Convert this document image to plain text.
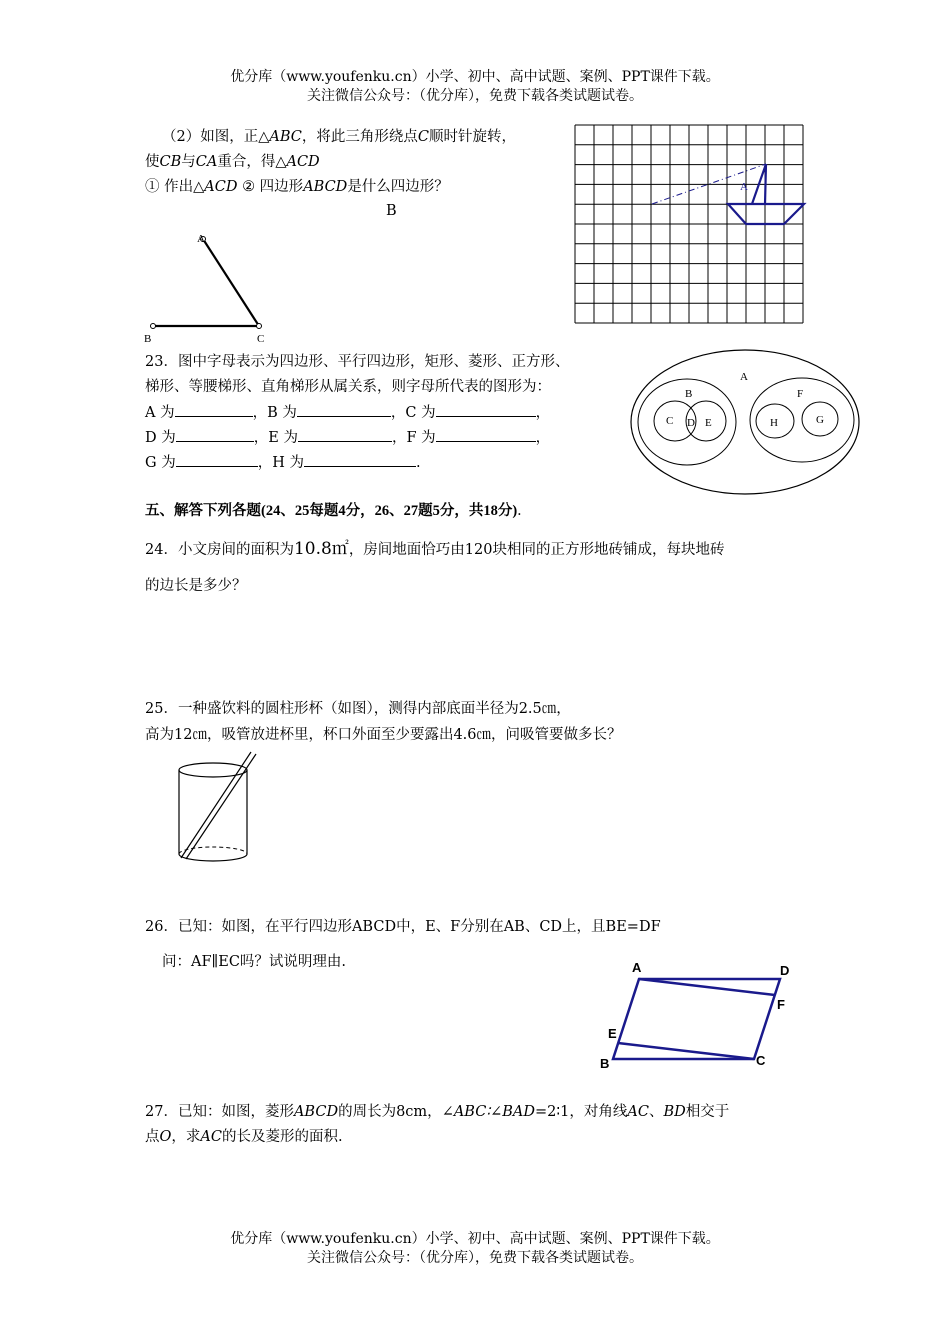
优分库（www.youfenku.cn）小学、初中、高中试题、案例、PPT课件下载。
关注微信公众号：（优分库），免费下载各类试题试卷。
（2）如图，正△ABC，将此三角形绕点C顺时针旋转，
使CB与CA重合，得△ACD
① 作出△ACD ② 四边形ABCD是什么四边形？
B
A
B	C
A
23．图中字母表示为四边形、平行四边形，矩形、菱形、正方形、
梯形、等腰梯形、直角梯形从属关系，则字母所代表的图形为：
A 为	，B 为	，C 为	，
D 为	，E 为	，F 为	，
G 为	，H 为	.
A
B
C D E
F
H	G
五、解答下列各题(24、25每题4分，26、27题5分，共18分)．
24．小文房间的面积为10.8㎡，房间地面恰巧由120块相同的正方形地砖铺成，每块地砖
的边长是多少？
25．一种盛饮料的圆柱形杯（如图），测得内部底面半径为2.5㎝，
高为12㎝，吸管放进杯里，杯口外面至少要露出4.6㎝，问吸管要做多长？
26．已知：如图，在平行四边形ABCD中，E、F分别在AB、CD上，且BE=DF
问：AF∥EC吗？试说明理由.	A	D
F
E
B	C
27．已知：如图，菱形ABCD的周长为8cm，∠ABC∶∠BAD=2∶1，对角线AC、BD相交于
点O，求AC的长及菱形的面积.
优分库（www.youfenku.cn）小学、初中、高中试题、案例、PPT课件下载。
关注微信公众号：（优分库），免费下载各类试题试卷。
